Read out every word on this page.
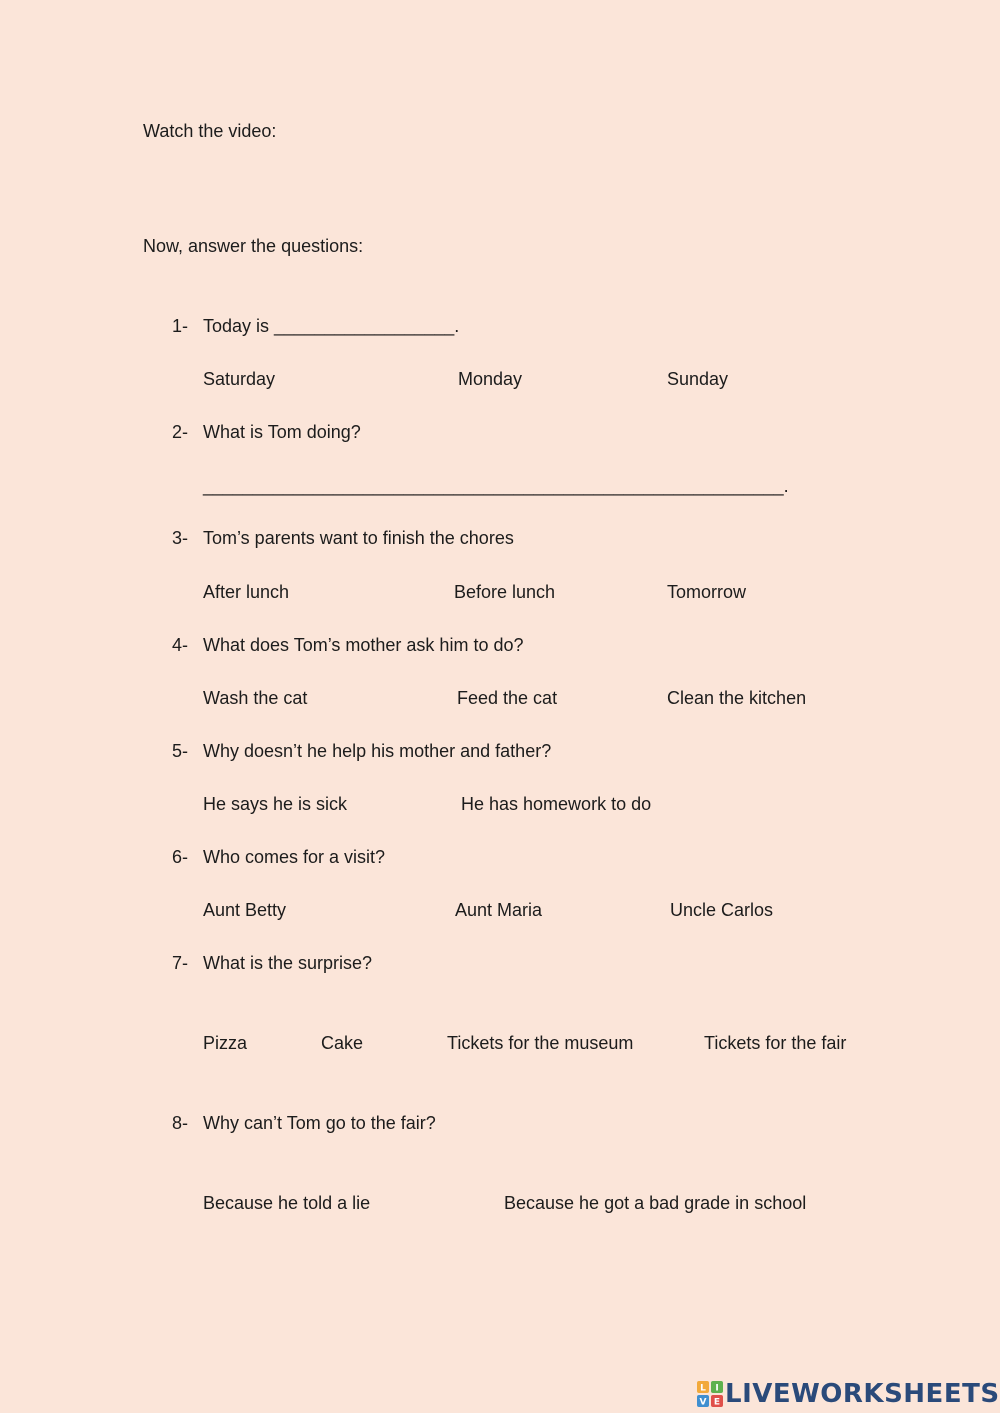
Watch the video:

Now, answer the questions:

1- Today is __________________.
Saturday	Monday	Sunday
2- What is Tom doing?
__________________________________________________________.
3- Tom’s parents want to finish the chores
After lunch	Before lunch	Tomorrow
4- What does Tom’s mother ask him to do?
Wash the cat	Feed the cat	Clean the kitchen
5- Why doesn’t he help his mother and father?
He says he is sick	He has homework to do
6- Who comes for a visit?
Aunt Betty	Aunt Maria	Uncle Carlos
7- What is the surprise?
Pizza	Cake	Tickets for the museum	Tickets for the fair
8- Why can’t Tom go to the fair?
Because he told a lie	Because he got a bad grade in school
L I
V E LIVEWORKSHEETS
